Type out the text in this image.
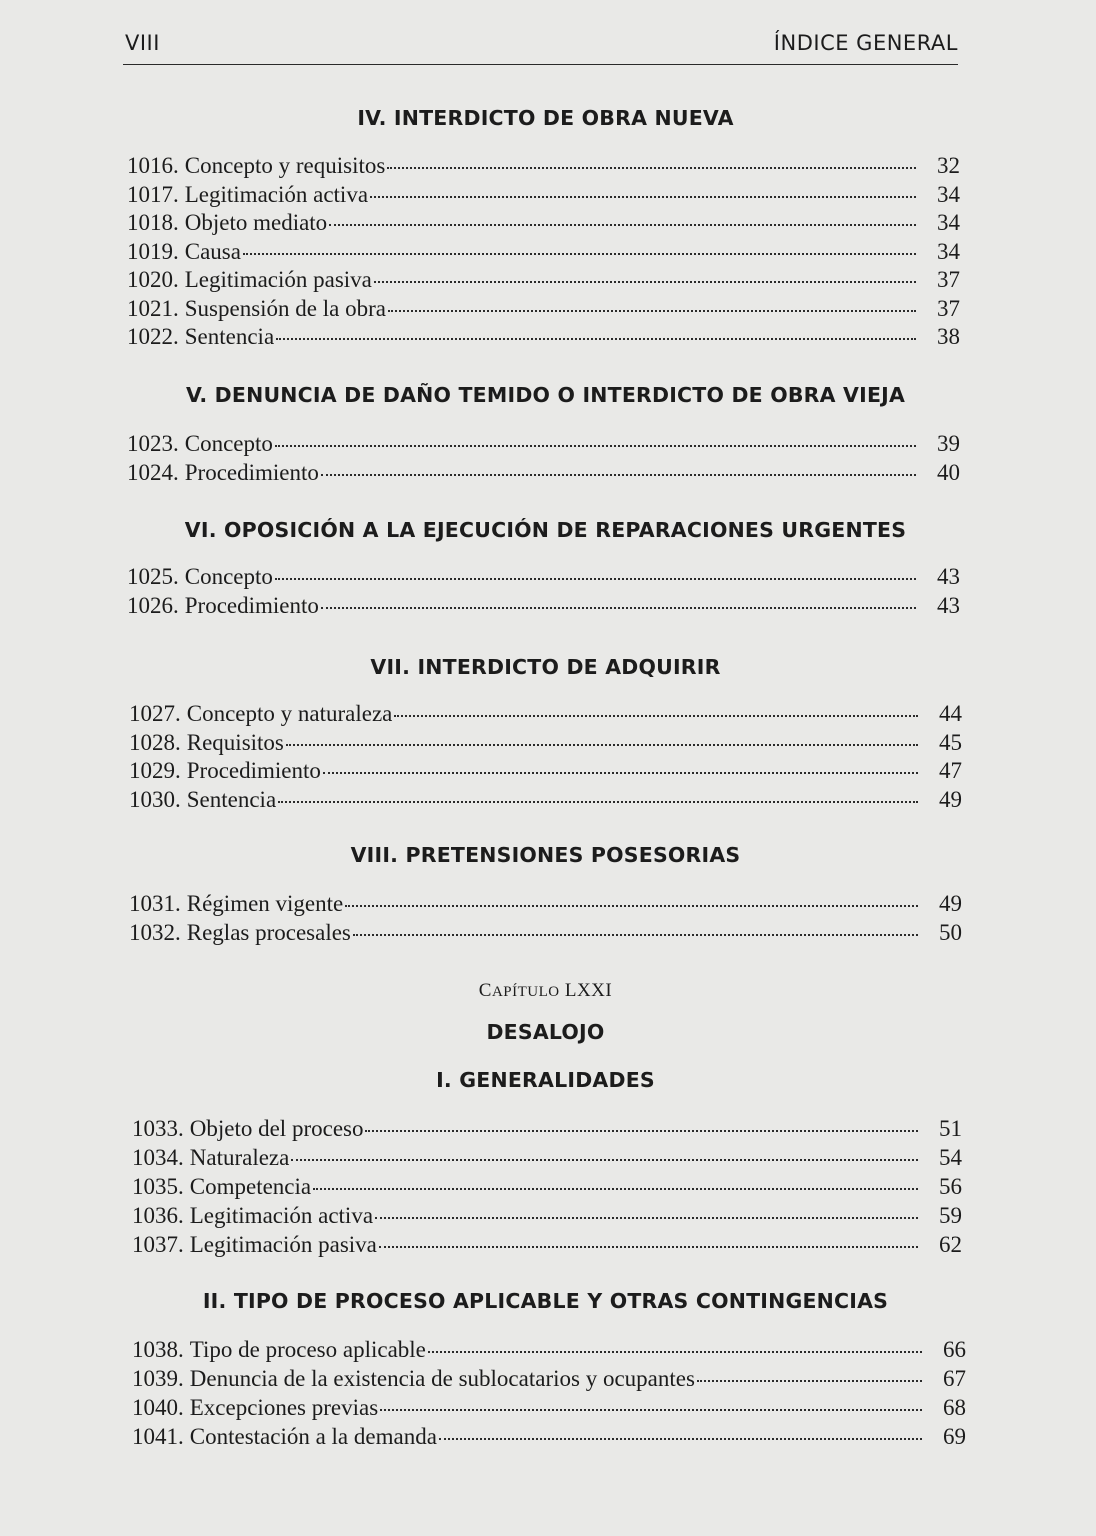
VIII	ÍNDICE GENERAL
IV. INTERDICTO DE OBRA NUEVA
1016. Concepto y requisitos	32
1017. Legitimación activa	34
1018. Objeto mediato	34
1019. Causa	34
1020. Legitimación pasiva	37
1021. Suspensión de la obra	37
1022. Sentencia	38
V. DENUNCIA DE DAÑO TEMIDO O INTERDICTO DE OBRA VIEJA
1023. Concepto	39
1024. Procedimiento	40
VI. OPOSICIÓN A LA EJECUCIÓN DE REPARACIONES URGENTES
1025. Concepto	43
1026. Procedimiento	43
VII. INTERDICTO DE ADQUIRIR
1027. Concepto y naturaleza	44
1028. Requisitos	45
1029. Procedimiento	47
1030. Sentencia	49
VIII. PRETENSIONES POSESORIAS
1031. Régimen vigente	49
1032. Reglas procesales	50
I. GENERALIDADES
1033. Objeto del proceso	51
1034. Naturaleza	54
1035. Competencia	56
1036. Legitimación activa	59
1037. Legitimación pasiva	62
II. TIPO DE PROCESO APLICABLE Y OTRAS CONTINGENCIAS
1038. Tipo de proceso aplicable	66
1039. Denuncia de la existencia de sublocatarios y ocupantes	67
1040. Excepciones previas	68
1041. Contestación a la demanda	69
CAPÍTULO LXXI
DESALOJO
